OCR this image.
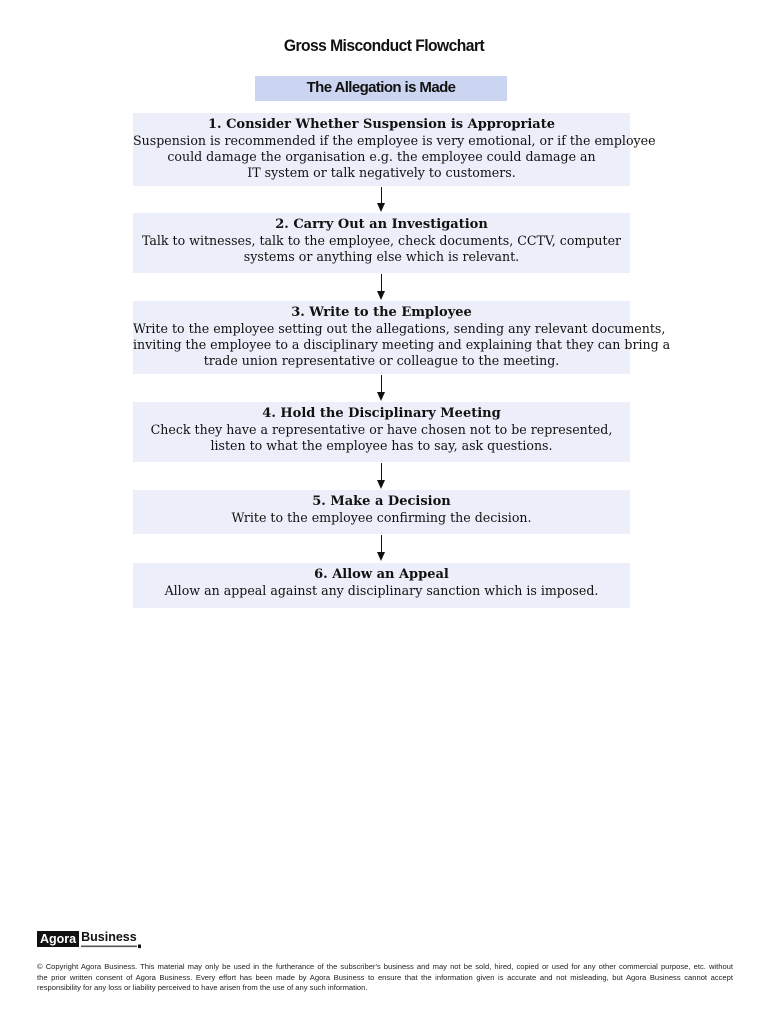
Gross Misconduct Flowchart
The Allegation is Made

1. Consider Whether Suspension is Appropriate

Suspension is recommended if the employee is very emotional, or if the employee
could damage the organisation e.g. the employee could damage an
IT system or talk negatively to customers.

2. Carry Out an Investigation

Talk to witnesses, talk to the employee, check documents, CCTV, computer
systems or anything else which is relevant.

3. Write to the Employee

Write to the employee setting out the allegations, sending any relevant documents,
inviting the employee to a disciplinary meeting and explaining that they can bring a
trade union representative or colleague to the meeting.

4. Hold the Disciplinary Meeting

Check they have a representative or have chosen not to be represented,
listen to what the employee has to say, ask questions.

5. Make a Decision

Write to the employee confirming the decision.

6. Allow an Appeal

Allow an appeal against any disciplinary sanction which is imposed.

Agora Business
© Copyright Agora Business. This material may only be used in the furtherance of the subscriber's business and may not be sold, hired, copied or used for any other commercial purpose, etc. without
the prior written consent of Agora Business. Every effort has been made by Agora Business to ensure that the information given is accurate and not misleading, but Agora Business cannot accept
responsibility for any loss or liability perceived to have arisen from the use of any such information.
